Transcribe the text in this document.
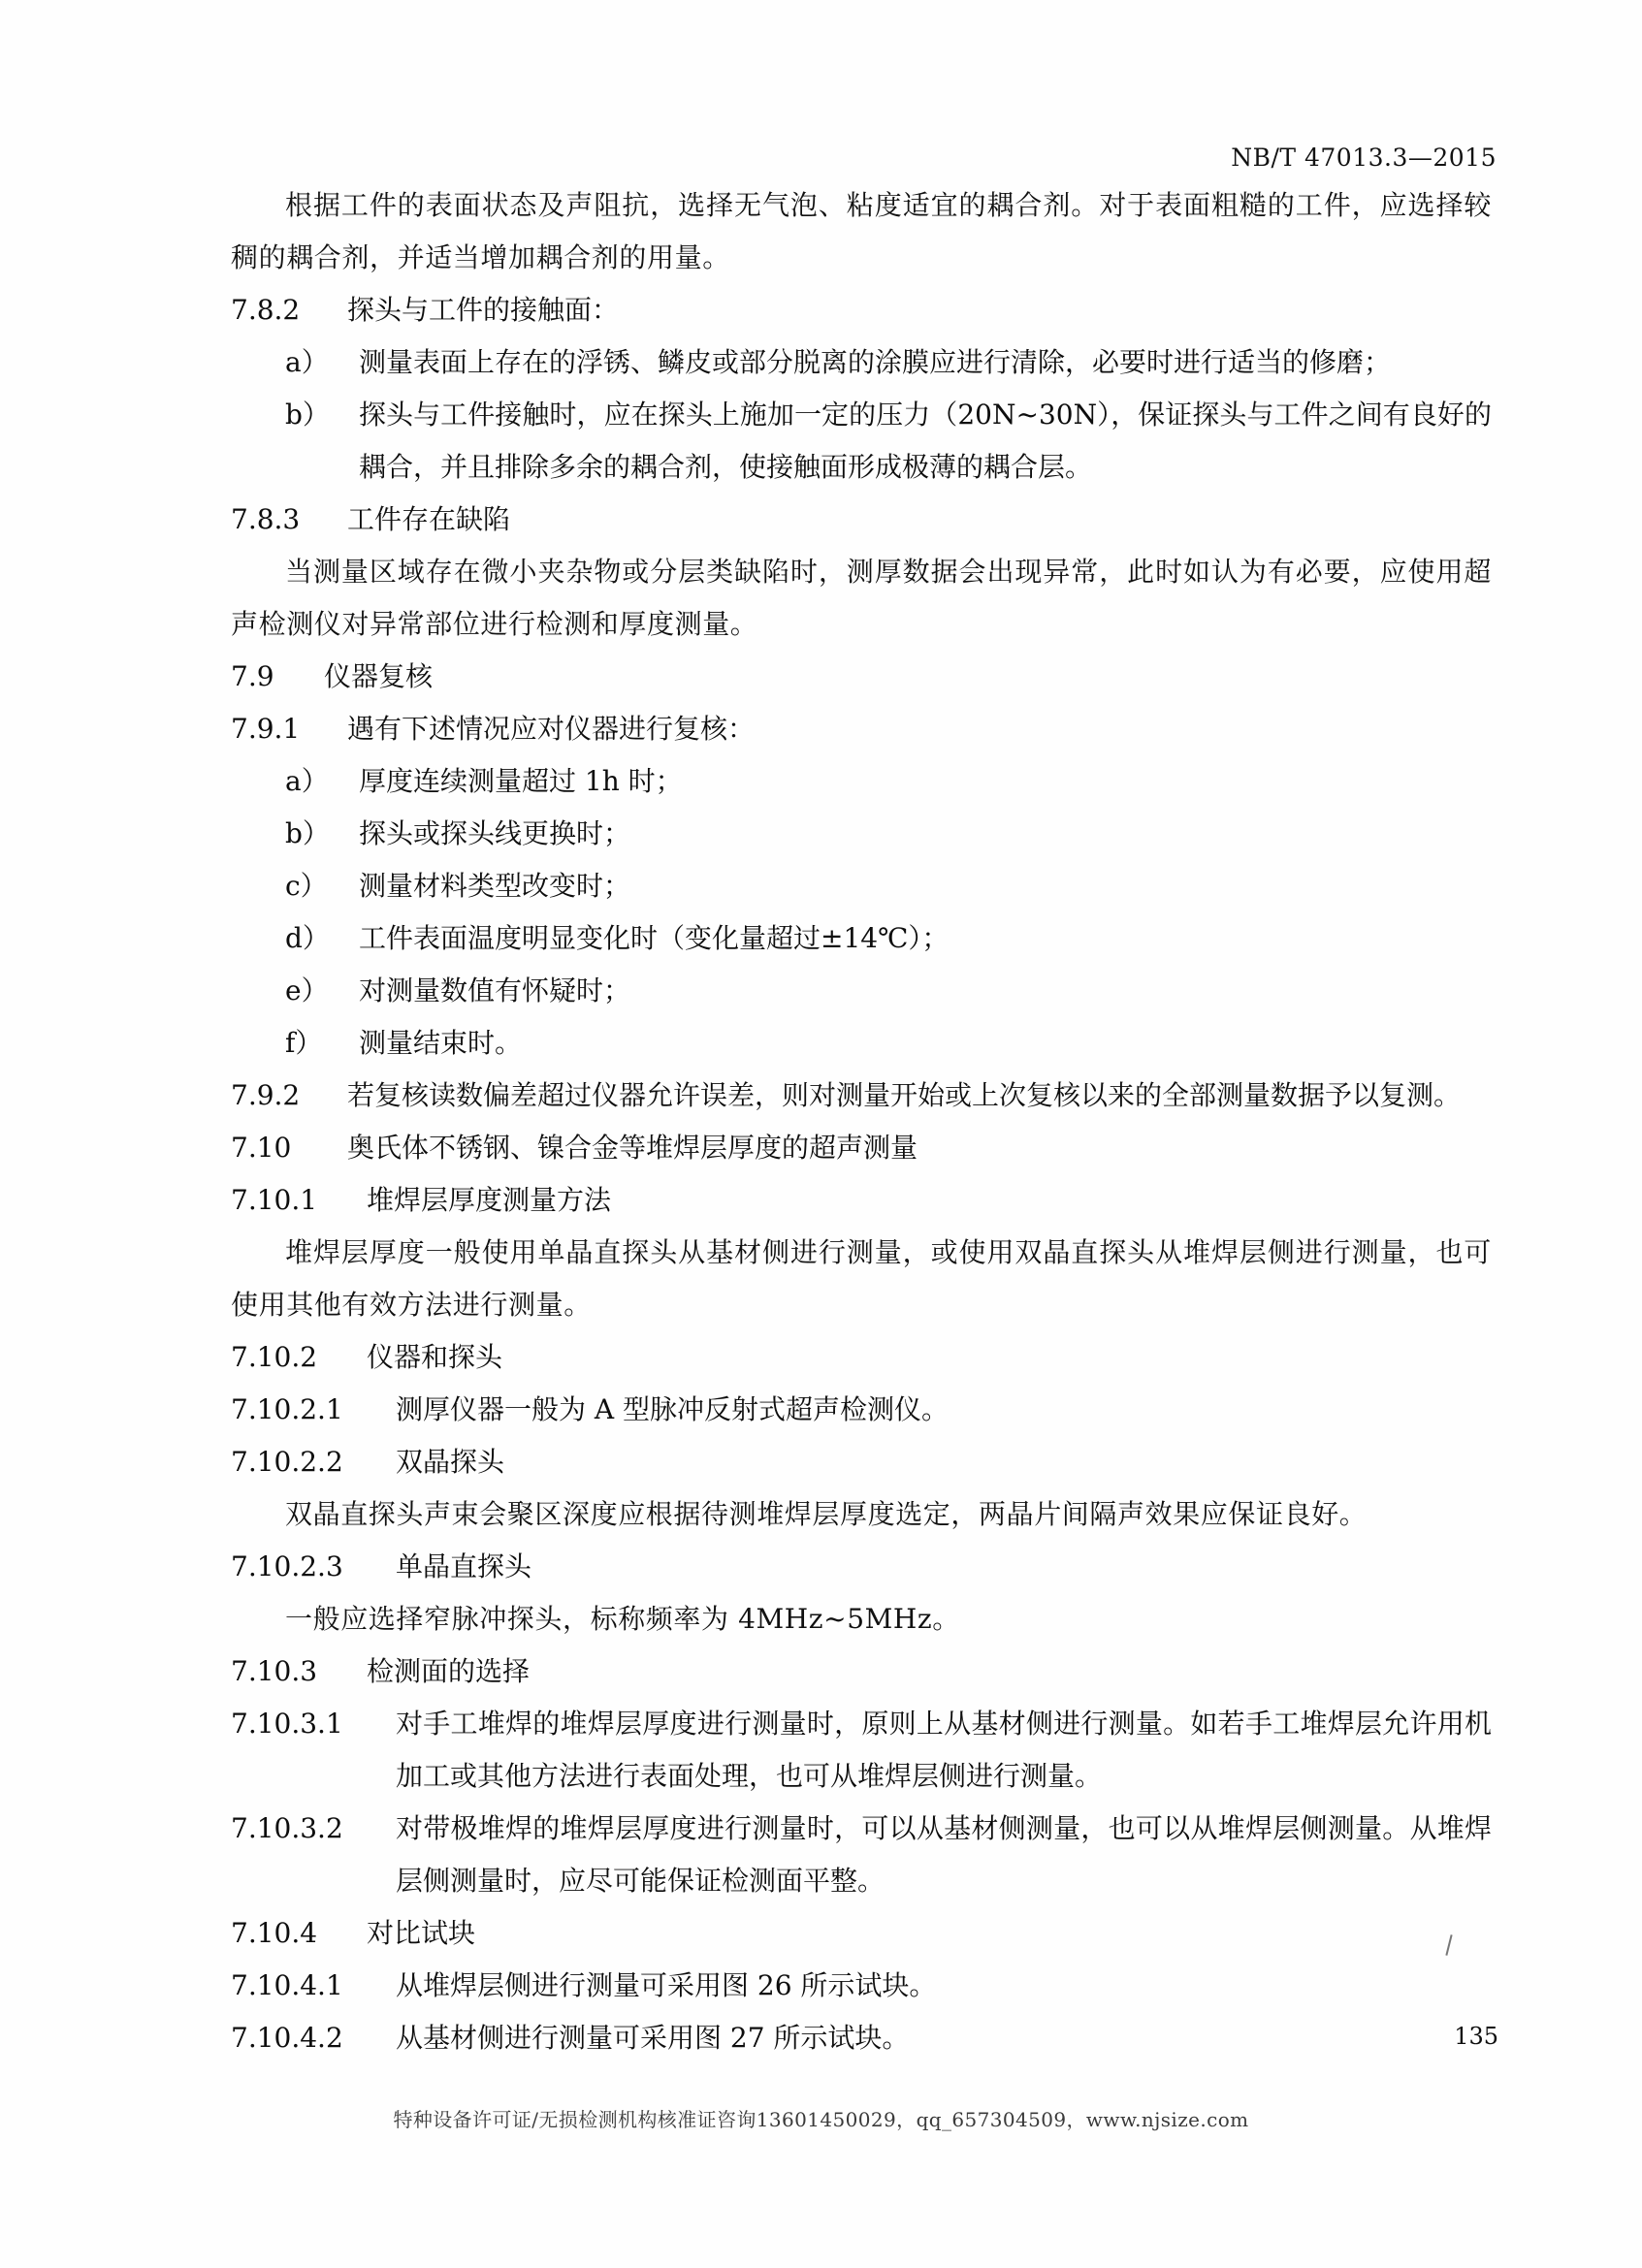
NB/T 47013.3—2015

根据工件的表面状态及声阻抗，选择无气泡、粘度适宜的耦合剂。对于表面粗糙的工件，应选择较稠的耦合剂，并适当增加耦合剂的用量。

7.8.2	探头与工件的接触面：
a）	测量表面上存在的浮锈、鳞皮或部分脱离的涂膜应进行清除，必要时进行适当的修磨；
b）	探头与工件接触时，应在探头上施加一定的压力（20N~30N），保证探头与工件之间有良好的耦合，并且排除多余的耦合剂，使接触面形成极薄的耦合层。
7.8.3	工件存在缺陷

当测量区域存在微小夹杂物或分层类缺陷时，测厚数据会出现异常，此时如认为有必要，应使用超声检测仪对异常部位进行检测和厚度测量。

7.9	仪器复核
7.9.1	遇有下述情况应对仪器进行复核：
a）	厚度连续测量超过 1h 时；
b）	探头或探头线更换时；
c）	测量材料类型改变时；
d）	工件表面温度明显变化时（变化量超过±14℃）；
e）	对测量数值有怀疑时；
f）	测量结束时。
7.9.2	若复核读数偏差超过仪器允许误差，则对测量开始或上次复核以来的全部测量数据予以复测。
7.10	奥氏体不锈钢、镍合金等堆焊层厚度的超声测量
7.10.1	堆焊层厚度测量方法

堆焊层厚度一般使用单晶直探头从基材侧进行测量，或使用双晶直探头从堆焊层侧进行测量，也可使用其他有效方法进行测量。

7.10.2	仪器和探头
7.10.2.1	测厚仪器一般为 A 型脉冲反射式超声检测仪。
7.10.2.2	双晶探头

双晶直探头声束会聚区深度应根据待测堆焊层厚度选定，两晶片间隔声效果应保证良好。

7.10.2.3	单晶直探头

一般应选择窄脉冲探头，标称频率为 4MHz~5MHz。

7.10.3	检测面的选择
7.10.3.1	对手工堆焊的堆焊层厚度进行测量时，原则上从基材侧进行测量。如若手工堆焊层允许用机加工或其他方法进行表面处理，也可从堆焊层侧进行测量。
7.10.3.2	对带极堆焊的堆焊层厚度进行测量时，可以从基材侧测量，也可以从堆焊层侧测量。从堆焊层侧测量时，应尽可能保证检测面平整。
7.10.4	对比试块
7.10.4.1	从堆焊层侧进行测量可采用图 26 所示试块。
7.10.4.2	从基材侧进行测量可采用图 27 所示试块。	135
特种设备许可证/无损检测机构核准证咨询13601450029，qq_657304509，www.njsize.com
